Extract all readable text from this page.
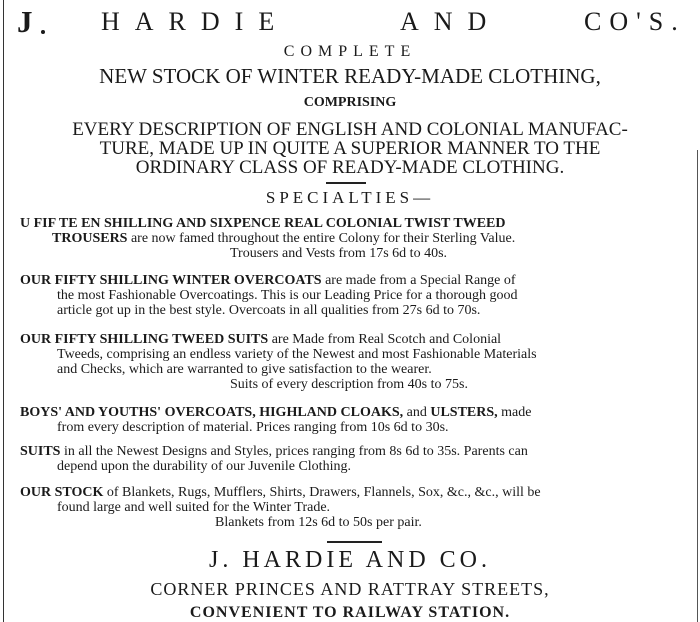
J	HARDIE	AND	CO'S.
COMPLETE
NEW STOCK OF WINTER READY-MADE CLOTHING,
COMPRISING
EVERY DESCRIPTION OF ENGLISH AND COLONIAL MANUFAC-
TURE, MADE UP IN QUITE A SUPERIOR MANNER TO THE
ORDINARY CLASS OF READY-MADE CLOTHING.
SPECIALTIES—
U FIF TE EN SHILLING AND SIXPENCE REAL COLONIAL TWIST TWEED
TROUSERS are now famed throughout the entire Colony for their Sterling Value.
Trousers and Vests from 17s 6d to 40s.
OUR FIFTY SHILLING WINTER OVERCOATS are made from a Special Range of
the most Fashionable Overcoatings. This is our Leading Price for a thorough good
article got up in the best style. Overcoats in all qualities from 27s 6d to 70s.
OUR FIFTY SHILLING TWEED SUITS are Made from Real Scotch and Colonial
Tweeds, comprising an endless variety of the Newest and most Fashionable Materials
and Checks, which are warranted to give satisfaction to the wearer.
Suits of every description from 40s to 75s.
BOYS' AND YOUTHS' OVERCOATS, HIGHLAND CLOAKS, and ULSTERS, made
from every description of material. Prices ranging from 10s 6d to 30s.
SUITS in all the Newest Designs and Styles, prices ranging from 8s 6d to 35s. Parents can
depend upon the durability of our Juvenile Clothing.
OUR STOCK of Blankets, Rugs, Mufflers, Shirts, Drawers, Flannels, Sox, &c., &c., will be
found large and well suited for the Winter Trade.
Blankets from 12s 6d to 50s per pair.
J. HARDIE AND CO.
CORNER PRINCES AND RATTRAY STREETS,
CONVENIENT TO RAILWAY STATION.
